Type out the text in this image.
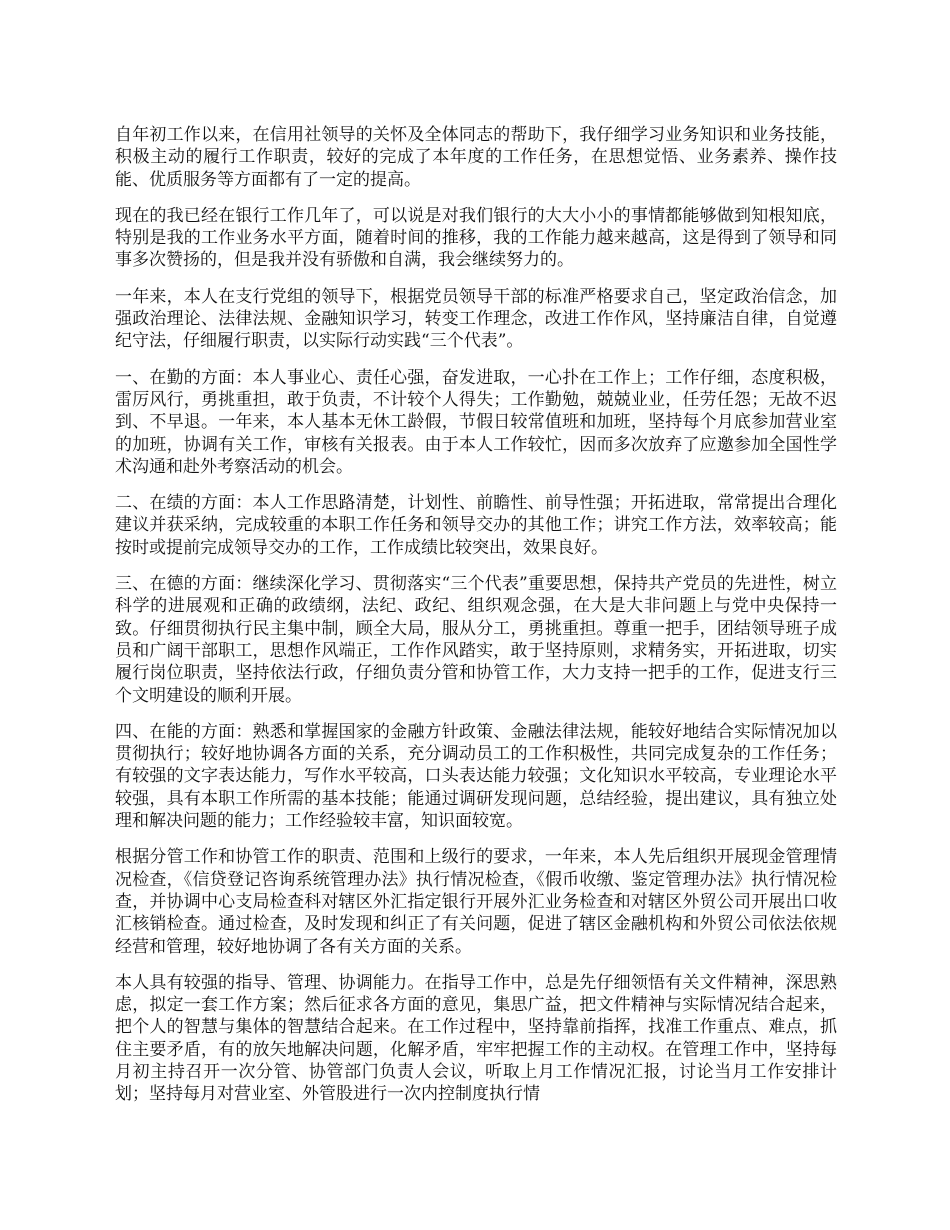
自年初工作以来，在信用社领导的关怀及全体同志的帮助下，我仔细学习业务知识和业务技能，积极主动的履行工作职责，较好的完成了本年度的工作任务，在思想觉悟、业务素养、操作技能、优质服务等方面都有了一定的提高。

现在的我已经在银行工作几年了，可以说是对我们银行的大大小小的事情都能够做到知根知底，特别是我的工作业务水平方面，随着时间的推移，我的工作能力越来越高，这是得到了领导和同事多次赞扬的，但是我并没有骄傲和自满，我会继续努力的。

一年来，本人在支行党组的领导下，根据党员领导干部的标准严格要求自己，坚定政治信念，加强政治理论、法律法规、金融知识学习，转变工作理念，改进工作作风，坚持廉洁自律，自觉遵纪守法，仔细履行职责，以实际行动实践“三个代表”。

一、在勤的方面：本人事业心、责任心强，奋发进取，一心扑在工作上；工作仔细，态度积极，雷厉风行，勇挑重担，敢于负责，不计较个人得失；工作勤勉，兢兢业业，任劳任怨；无故不迟到、不早退。一年来，本人基本无休工龄假，节假日较常值班和加班，坚持每个月底参加营业室的加班，协调有关工作，审核有关报表。由于本人工作较忙，因而多次放弃了应邀参加全国性学术沟通和赴外考察活动的机会。

二、在绩的方面：本人工作思路清楚，计划性、前瞻性、前导性强；开拓进取，常常提出合理化建议并获采纳，完成较重的本职工作任务和领导交办的其他工作；讲究工作方法，效率较高；能按时或提前完成领导交办的工作，工作成绩比较突出，效果良好。

三、在德的方面：继续深化学习、贯彻落实“三个代表”重要思想，保持共产党员的先进性，树立科学的进展观和正确的政绩纲，法纪、政纪、组织观念强，在大是大非问题上与党中央保持一致。仔细贯彻执行民主集中制，顾全大局，服从分工，勇挑重担。尊重一把手，团结领导班子成员和广阔干部职工，思想作风端正，工作作风踏实，敢于坚持原则，求精务实，开拓进取，切实履行岗位职责，坚持依法行政，仔细负责分管和协管工作，大力支持一把手的工作，促进支行三个文明建设的顺利开展。

四、在能的方面：熟悉和掌握国家的金融方针政策、金融法律法规，能较好地结合实际情况加以贯彻执行；较好地协调各方面的关系，充分调动员工的工作积极性，共同完成复杂的工作任务；有较强的文字表达能力，写作水平较高，口头表达能力较强；文化知识水平较高，专业理论水平较强，具有本职工作所需的基本技能；能通过调研发现问题，总结经验，提出建议，具有独立处理和解决问题的能力；工作经验较丰富，知识面较宽。

根据分管工作和协管工作的职责、范围和上级行的要求，一年来，本人先后组织开展现金管理情况检查，《信贷登记咨询系统管理办法》执行情况检查，《假币收缴、鉴定管理办法》执行情况检查，并协调中心支局检查科对辖区外汇指定银行开展外汇业务检查和对辖区外贸公司开展出口收汇核销检查。通过检查，及时发现和纠正了有关问题，促进了辖区金融机构和外贸公司依法依规经营和管理，较好地协调了各有关方面的关系。

本人具有较强的指导、管理、协调能力。在指导工作中，总是先仔细领悟有关文件精神，深思熟虑，拟定一套工作方案；然后征求各方面的意见，集思广益，把文件精神与实际情况结合起来，把个人的智慧与集体的智慧结合起来。在工作过程中，坚持靠前指挥，找准工作重点、难点，抓住主要矛盾，有的放矢地解决问题，化解矛盾，牢牢把握工作的主动权。在管理工作中，坚持每月初主持召开一次分管、协管部门负责人会议，听取上月工作情况汇报，讨论当月工作安排计划；坚持每月对营业室、外管股进行一次内控制度执行情
